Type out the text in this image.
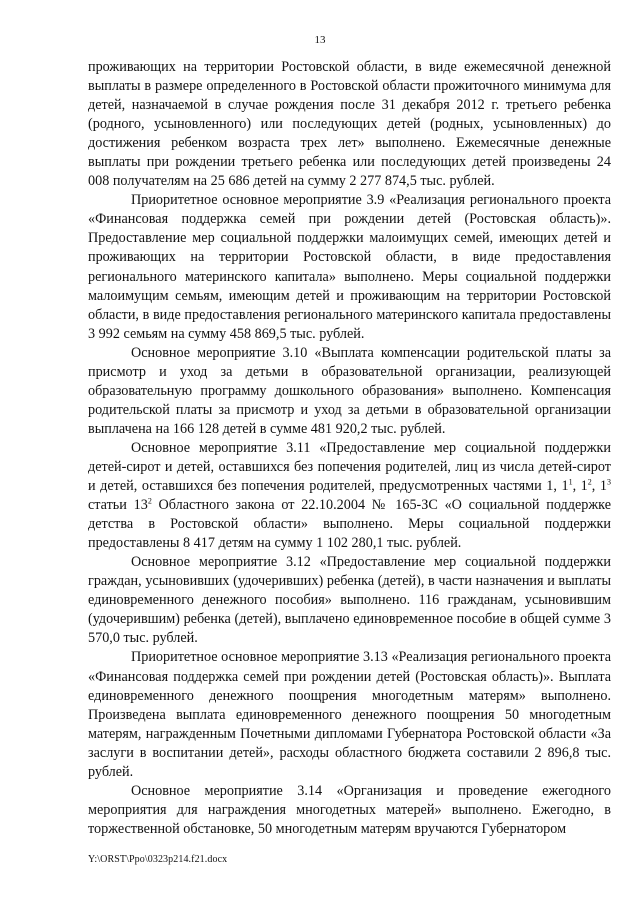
13

проживающих на территории Ростовской области, в виде ежемесячной денежной выплаты в размере определенного в Ростовской области прожиточного минимума для детей, назначаемой в случае рождения после 31 декабря 2012 г. третьего ребенка (родного, усыновленного) или последующих детей (родных, усыновленных) до достижения ребенком возраста трех лет» выполнено. Ежемесячные денежные выплаты при рождении третьего ребенка или последующих детей произведены 24 008 получателям на 25 686 детей на сумму 2 277 874,5 тыс. рублей.

Приоритетное основное мероприятие 3.9 «Реализация регионального проекта «Финансовая поддержка семей при рождении детей (Ростовская область)». Предоставление мер социальной поддержки малоимущих семей, имеющих детей и проживающих на территории Ростовской области, в виде предоставления регионального материнского капитала» выполнено. Меры социальной поддержки малоимущим семьям, имеющим детей и проживающим на территории Ростовской области, в виде предоставления регионального материнского капитала предоставлены 3 992 семьям на сумму 458 869,5 тыс. рублей.

Основное мероприятие 3.10 «Выплата компенсации родительской платы за присмотр и уход за детьми в образовательной организации, реализующей образовательную программу дошкольного образования» выполнено. Компенсация родительской платы за присмотр и уход за детьми в образовательной организации выплачена на 166 128 детей в сумме 481 920,2 тыс. рублей.

Основное мероприятие 3.11 «Предоставление мер социальной поддержки детей-сирот и детей, оставшихся без попечения родителей, лиц из числа детей-сирот и детей, оставшихся без попечения родителей, предусмотренных частями 1, $1^1$, $1^2$, $1^3$ статьи $13^2$ Областного закона от 22.10.2004 № 165-ЗС «О социальной поддержке детства в Ростовской области» выполнено. Меры социальной поддержки предоставлены 8 417 детям на сумму 1 102 280,1 тыс. рублей.

Основное мероприятие 3.12 «Предоставление мер социальной поддержки граждан, усыновивших (удочеривших) ребенка (детей), в части назначения и выплаты единовременного денежного пособия» выполнено. 116 гражданам, усыновившим (удочерившим) ребенка (детей), выплачено единовременное пособие в общей сумме 3 570,0 тыс. рублей.

Приоритетное основное мероприятие 3.13 «Реализация регионального проекта «Финансовая поддержка семей при рождении детей (Ростовская область)». Выплата единовременного денежного поощрения многодетным матерям» выполнено. Произведена выплата единовременного денежного поощрения 50 многодетным матерям, награжденным Почетными дипломами Губернатора Ростовской области «За заслуги в воспитании детей», расходы областного бюджета составили 2 896,8 тыс. рублей.

Основное мероприятие 3.14 «Организация и проведение ежегодного мероприятия для награждения многодетных матерей» выполнено. Ежегодно, в торжественной обстановке, 50 многодетным матерям вручаются Губернатором

Y:\ORST\Ppo\0323p214.f21.docx
